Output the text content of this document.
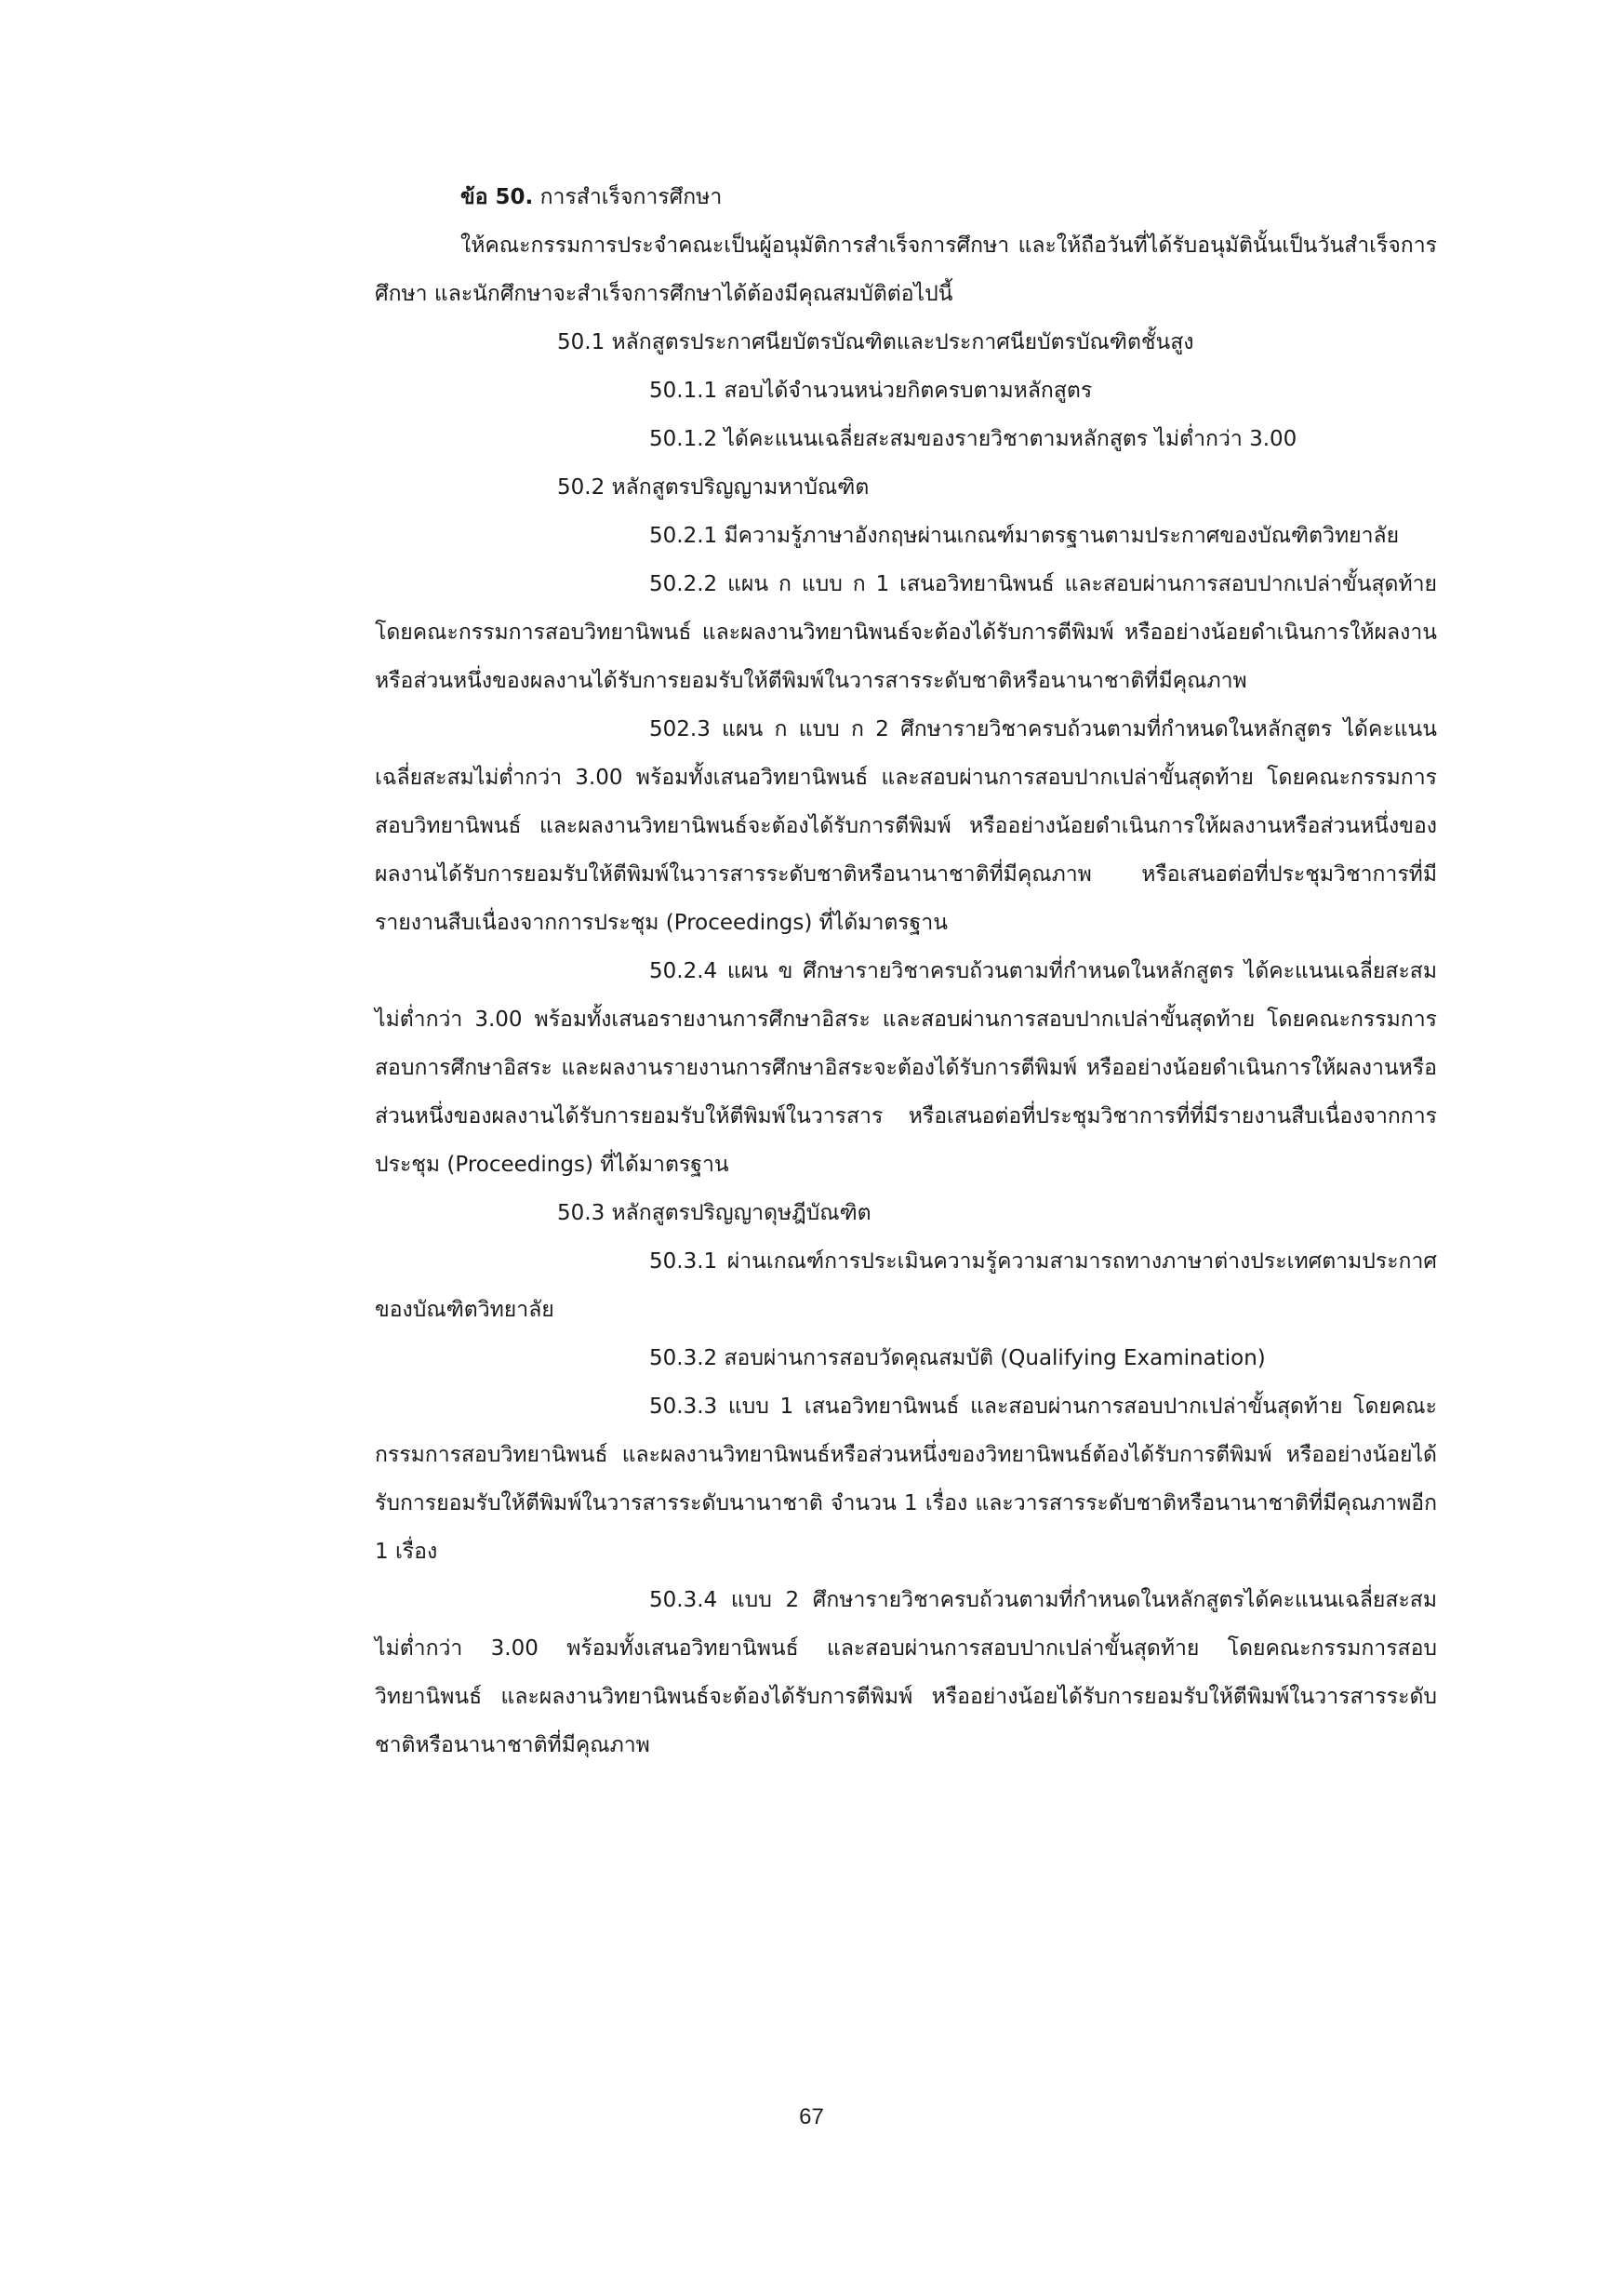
ข้อ 50. การสำเร็จการศึกษา
ให้คณะกรรมการประจำคณะเป็นผู้อนุมัติการสำเร็จการศึกษา และให้ถือวันที่ได้รับอนุมัตินั้นเป็นวันสำเร็จการศึกษา และนักศึกษาจะสำเร็จการศึกษาได้ต้องมีคุณสมบัติต่อไปนี้
50.1 หลักสูตรประกาศนียบัตรบัณฑิตและประกาศนียบัตรบัณฑิตชั้นสูง
50.1.1 สอบได้จำนวนหน่วยกิตครบตามหลักสูตร
50.1.2 ได้คะแนนเฉลี่ยสะสมของรายวิชาตามหลักสูตร ไม่ต่ำกว่า 3.00
50.2 หลักสูตรปริญญามหาบัณฑิต
50.2.1 มีความรู้ภาษาอังกฤษผ่านเกณฑ์มาตรฐานตามประกาศของบัณฑิตวิทยาลัย
50.2.2 แผน ก แบบ ก 1 เสนอวิทยานิพนธ์ และสอบผ่านการสอบปากเปล่าขั้นสุดท้าย โดยคณะกรรมการสอบวิทยานิพนธ์ และผลงานวิทยานิพนธ์จะต้องได้รับการตีพิมพ์ หรืออย่างน้อยดำเนินการให้ผลงานหรือส่วนหนึ่งของผลงานได้รับการยอมรับให้ตีพิมพ์ในวารสารระดับชาติหรือนานาชาติที่มีคุณภาพ
502.3 แผน ก แบบ ก 2 ศึกษารายวิชาครบถ้วนตามที่กำหนดในหลักสูตร ได้คะแนนเฉลี่ยสะสมไม่ต่ำกว่า 3.00 พร้อมทั้งเสนอวิทยานิพนธ์ และสอบผ่านการสอบปากเปล่าขั้นสุดท้าย โดยคณะกรรมการสอบวิทยานิพนธ์ และผลงานวิทยานิพนธ์จะต้องได้รับการตีพิมพ์ หรืออย่างน้อยดำเนินการให้ผลงานหรือส่วนหนึ่งของผลงานได้รับการยอมรับให้ตีพิมพ์ในวารสารระดับชาติหรือนานาชาติที่มีคุณภาพ หรือเสนอต่อที่ประชุมวิชาการที่มีรายงานสืบเนื่องจากการประชุม (Proceedings) ที่ได้มาตรฐาน
50.2.4 แผน ข ศึกษารายวิชาครบถ้วนตามที่กำหนดในหลักสูตร ได้คะแนนเฉลี่ยสะสมไม่ต่ำกว่า 3.00 พร้อมทั้งเสนอรายงานการศึกษาอิสระ และสอบผ่านการสอบปากเปล่าขั้นสุดท้าย โดยคณะกรรมการสอบการศึกษาอิสระ และผลงานรายงานการศึกษาอิสระจะต้องได้รับการตีพิมพ์ หรืออย่างน้อยดำเนินการให้ผลงานหรือส่วนหนึ่งของผลงานได้รับการยอมรับให้ตีพิมพ์ในวารสาร หรือเสนอต่อที่ประชุมวิชาการที่ที่มีรายงานสืบเนื่องจากการประชุม (Proceedings) ที่ได้มาตรฐาน
50.3 หลักสูตรปริญญาดุษฎีบัณฑิต
50.3.1 ผ่านเกณฑ์การประเมินความรู้ความสามารถทางภาษาต่างประเทศตามประกาศของบัณฑิตวิทยาลัย
50.3.2 สอบผ่านการสอบวัดคุณสมบัติ (Qualifying Examination)
50.3.3 แบบ 1 เสนอวิทยานิพนธ์ และสอบผ่านการสอบปากเปล่าขั้นสุดท้าย โดยคณะกรรมการสอบวิทยานิพนธ์ และผลงานวิทยานิพนธ์หรือส่วนหนึ่งของวิทยานิพนธ์ต้องได้รับการตีพิมพ์ หรืออย่างน้อยได้รับการยอมรับให้ตีพิมพ์ในวารสารระดับนานาชาติ จำนวน 1 เรื่อง และวารสารระดับชาติหรือนานาชาติที่มีคุณภาพอีก 1 เรื่อง
50.3.4 แบบ 2 ศึกษารายวิชาครบถ้วนตามที่กำหนดในหลักสูตรได้คะแนนเฉลี่ยสะสมไม่ต่ำกว่า 3.00 พร้อมทั้งเสนอวิทยานิพนธ์ และสอบผ่านการสอบปากเปล่าขั้นสุดท้าย โดยคณะกรรมการสอบวิทยานิพนธ์ และผลงานวิทยานิพนธ์จะต้องได้รับการตีพิมพ์ หรืออย่างน้อยได้รับการยอมรับให้ตีพิมพ์ในวารสารระดับชาติหรือนานาชาติที่มีคุณภาพ
67
